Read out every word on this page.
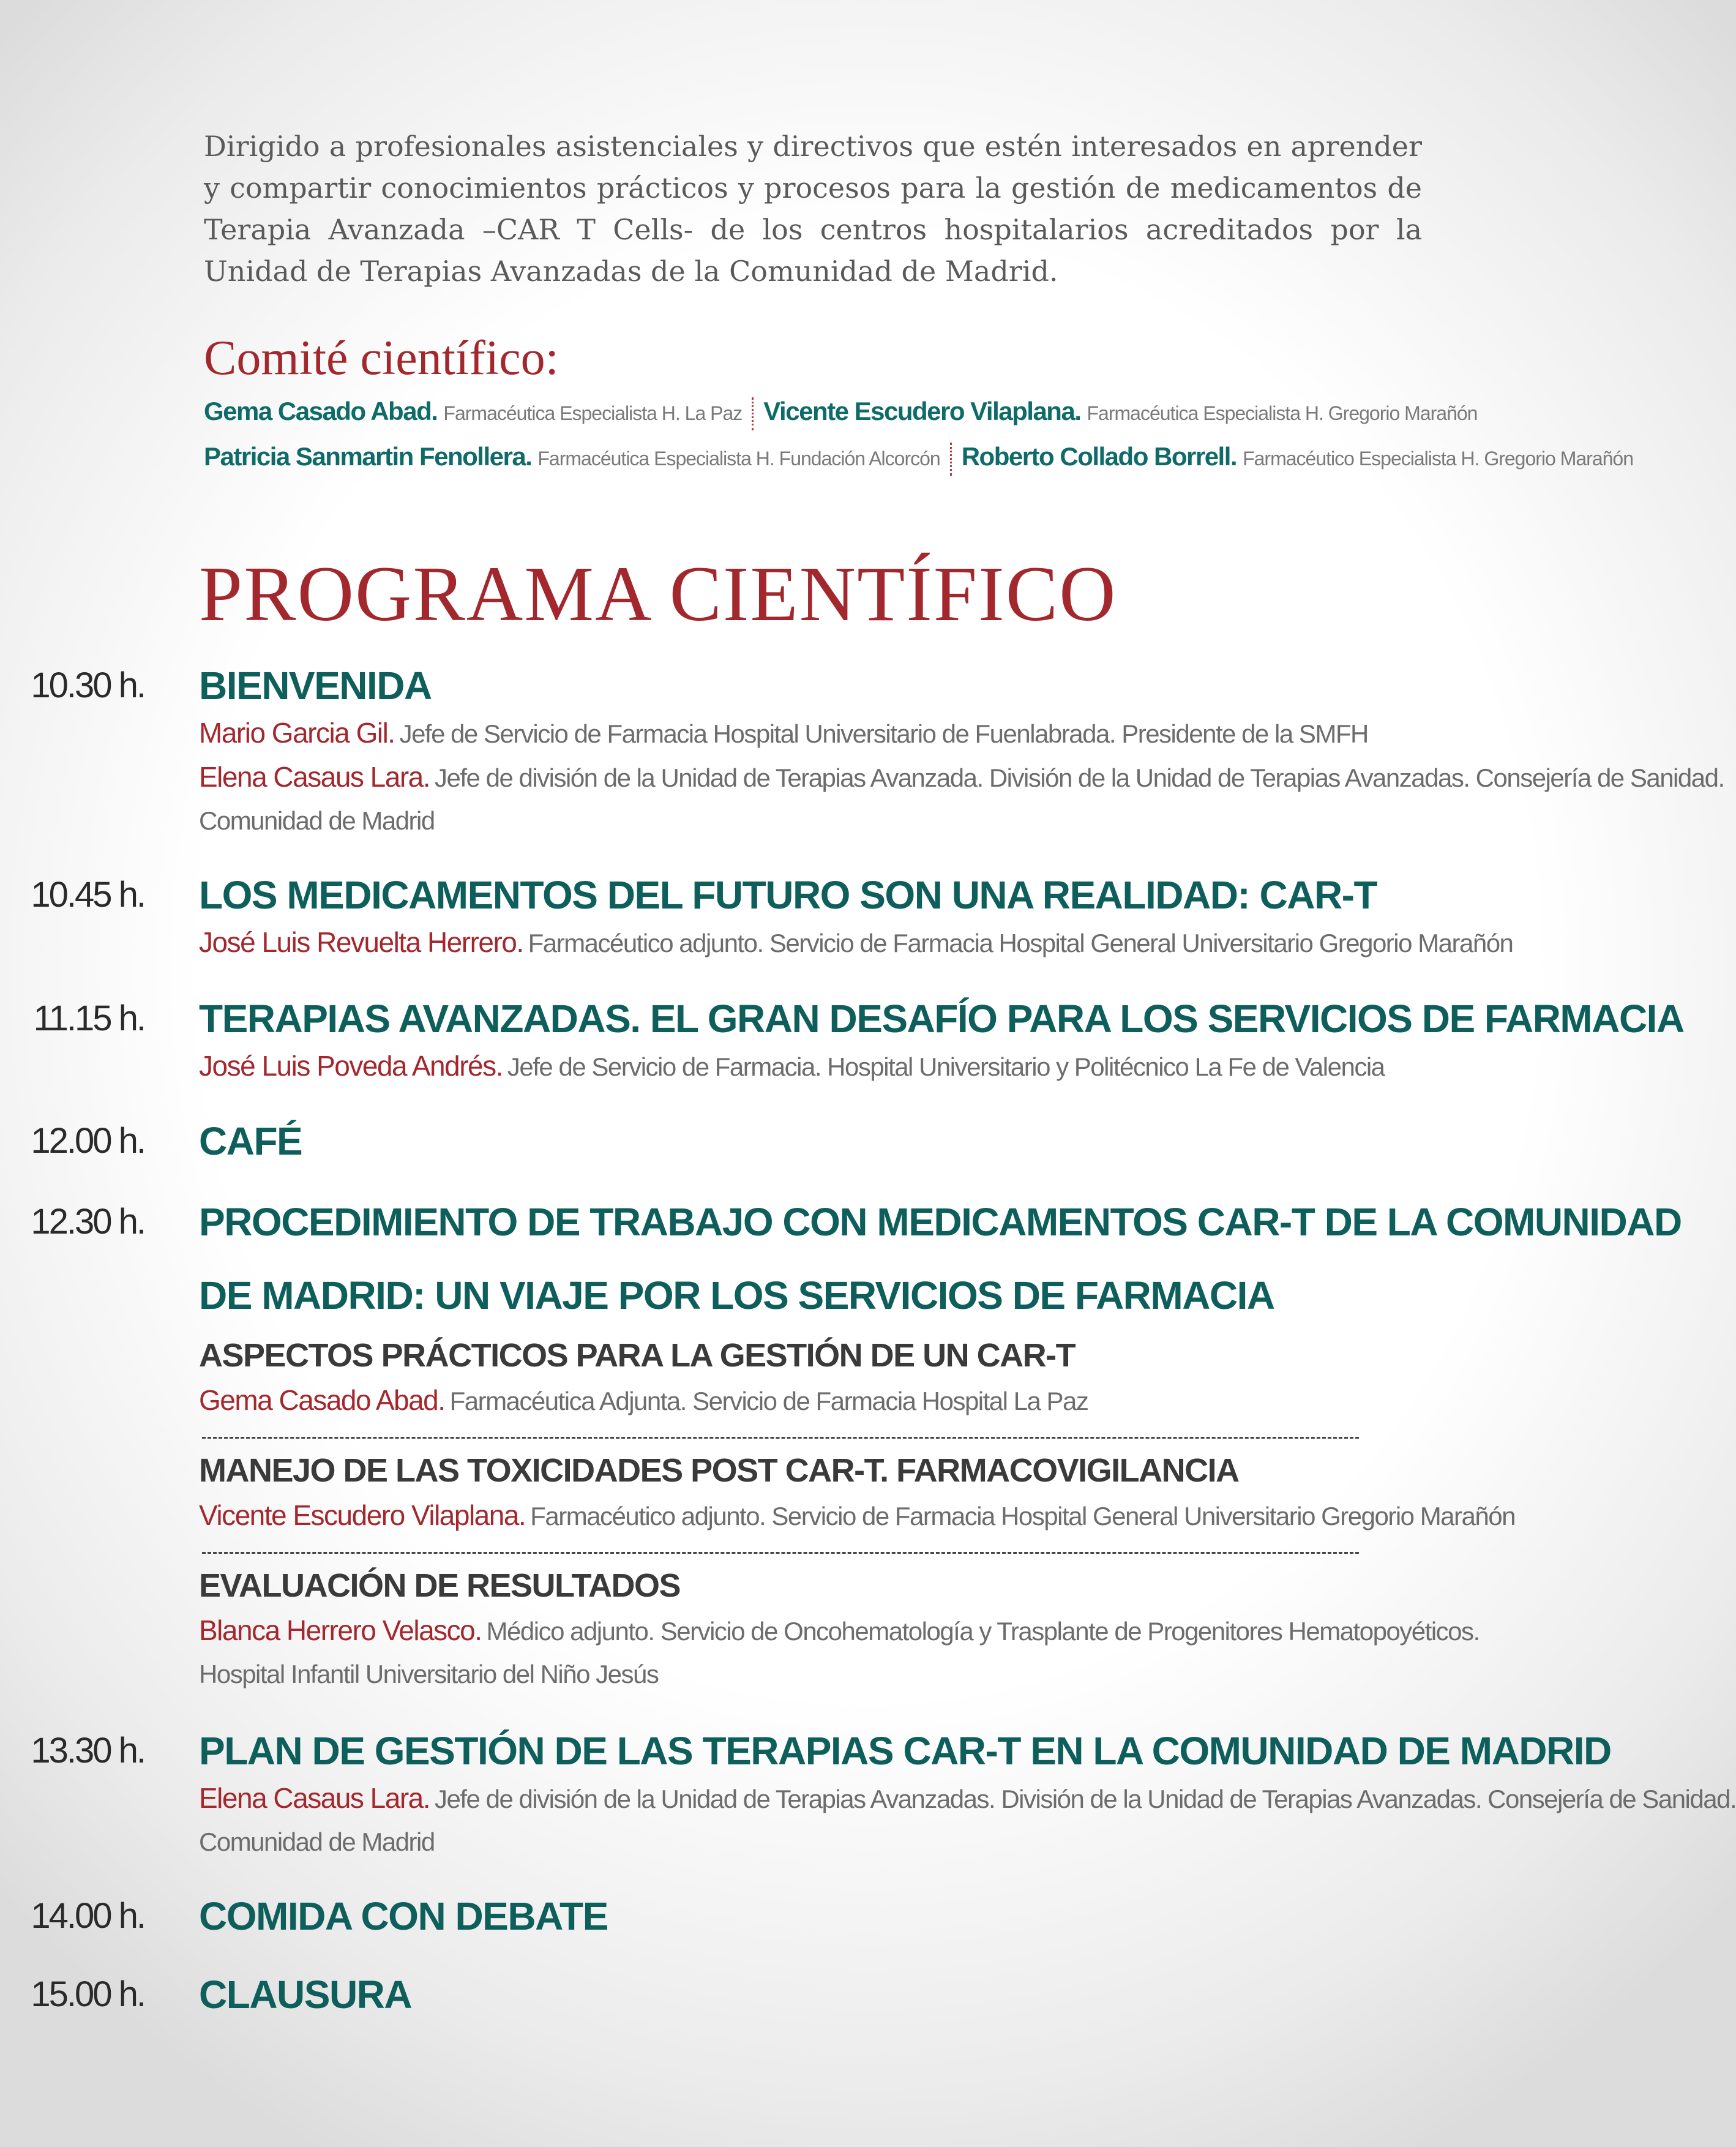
Dirigido a profesionales asistenciales y directivos que estén interesados en aprender y compartir conocimientos prácticos y procesos para la gestión de medicamentos de Terapia Avanzada –CAR T Cells- de los centros hospitalarios acreditados por la Unidad de Terapias Avanzadas de la Comunidad de Madrid.

Comité científico:
Gema Casado Abad. Farmacéutica Especialista H. La Paz Vicente Escudero Vilaplana. Farmacéutica Especialista H. Gregorio Marañón
Patricia Sanmartin Fenollera. Farmacéutica Especialista H. Fundación Alcorcón Roberto Collado Borrell. Farmacéutico Especialista H. Gregorio Marañón
PROGRAMA CIENTÍFICO
10.30 h. BIENVENIDA
Mario Garcia Gil. Jefe de Servicio de Farmacia Hospital Universitario de Fuenlabrada. Presidente de la SMFH
Elena Casaus Lara. Jefe de división de la Unidad de Terapias Avanzada. División de la Unidad de Terapias Avanzadas. Consejería de Sanidad.
Comunidad de Madrid
10.45 h. LOS MEDICAMENTOS DEL FUTURO SON UNA REALIDAD: CAR-T
José Luis Revuelta Herrero. Farmacéutico adjunto. Servicio de Farmacia Hospital General Universitario Gregorio Marañón
11.15 h. TERAPIAS AVANZADAS. EL GRAN DESAFÍO PARA LOS SERVICIOS DE FARMACIA
José Luis Poveda Andrés. Jefe de Servicio de Farmacia. Hospital Universitario y Politécnico La Fe de Valencia
12.00 h. CAFÉ
12.30 h. PROCEDIMIENTO DE TRABAJO CON MEDICAMENTOS CAR-T DE LA COMUNIDAD
DE MADRID: UN VIAJE POR LOS SERVICIOS DE FARMACIA
ASPECTOS PRÁCTICOS PARA LA GESTIÓN DE UN CAR-T
Gema Casado Abad. Farmacéutica Adjunta. Servicio de Farmacia Hospital La Paz
MANEJO DE LAS TOXICIDADES POST CAR-T. FARMACOVIGILANCIA
Vicente Escudero Vilaplana. Farmacéutico adjunto. Servicio de Farmacia Hospital General Universitario Gregorio Marañón
EVALUACIÓN DE RESULTADOS
Blanca Herrero Velasco. Médico adjunto. Servicio de Oncohematología y Trasplante de Progenitores Hematopoyéticos.
Hospital Infantil Universitario del Niño Jesús
13.30 h. PLAN DE GESTIÓN DE LAS TERAPIAS CAR-T EN LA COMUNIDAD DE MADRID
Elena Casaus Lara. Jefe de división de la Unidad de Terapias Avanzadas. División de la Unidad de Terapias Avanzadas. Consejería de Sanidad.
Comunidad de Madrid
14.00 h. COMIDA CON DEBATE
15.00 h. CLAUSURA
